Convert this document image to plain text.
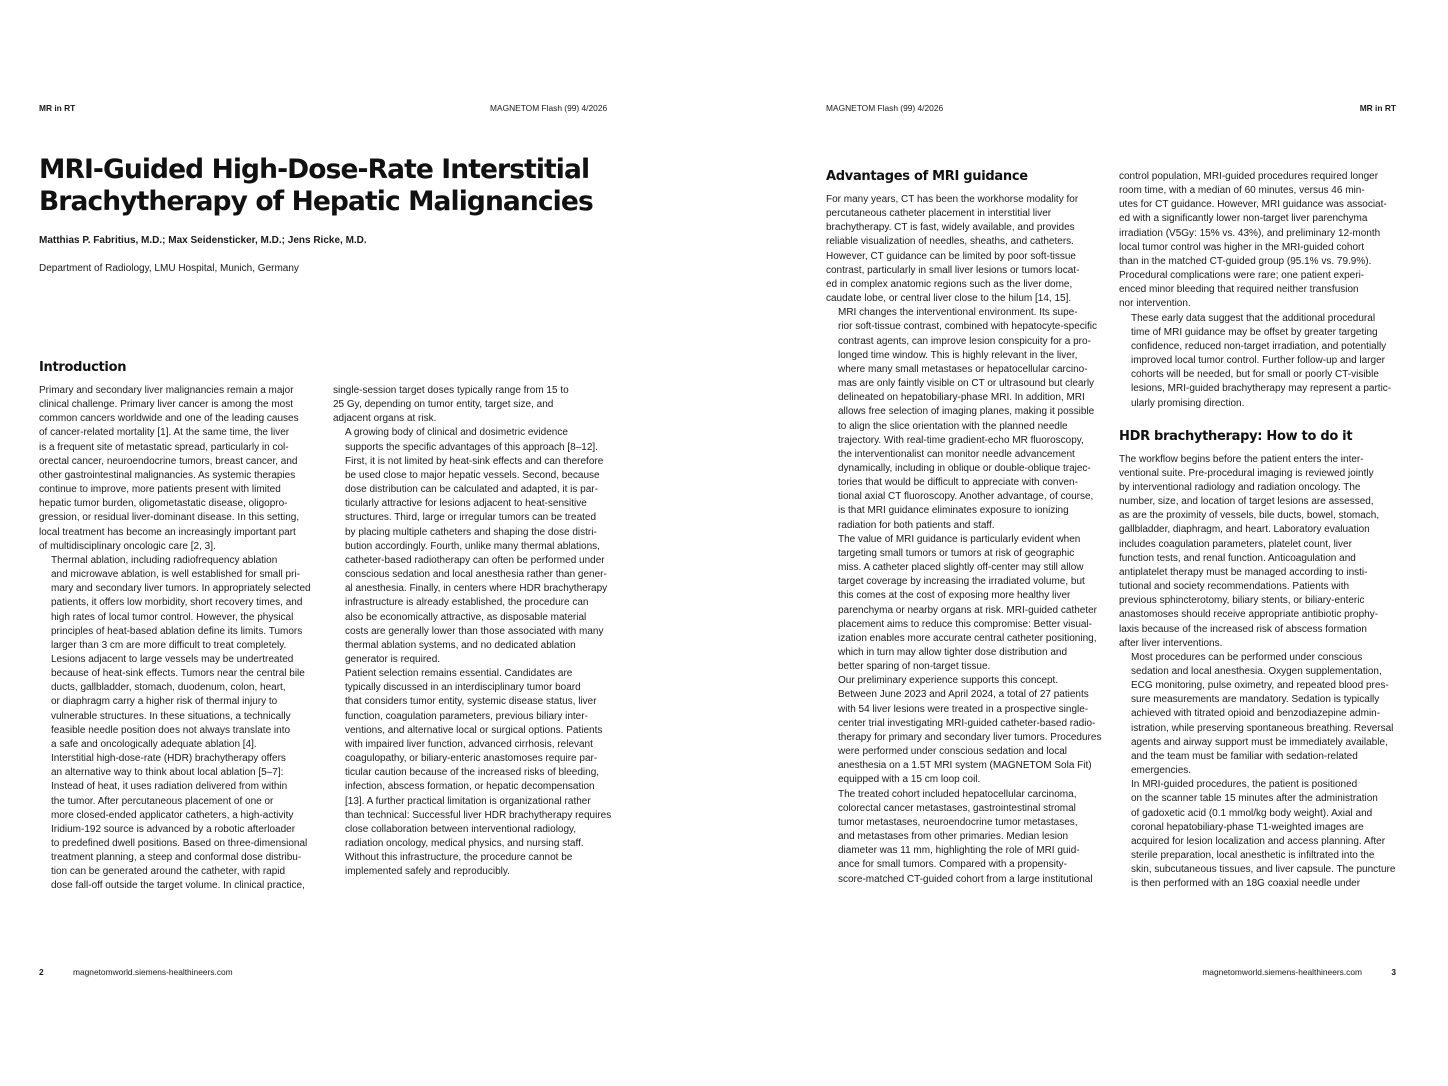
MR in RT	MAGNETOM Flash (99) 4/2026
MRI-Guided High-Dose-Rate Interstitial
Brachytherapy of Hepatic Malignancies
Matthias P. Fabritius, M.D.; Max Seidensticker, M.D.; Jens Ricke, M.D.
Department of Radiology, LMU Hospital, Munich, Germany
Introduction

Primary and secondary liver malignancies remain a major
clinical challenge. Primary liver cancer is among the most
common cancers worldwide and one of the leading causes
of cancer-related mortality [1]. At the same time, the liver
is a frequent site of metastatic spread, particularly in col-
orectal cancer, neuroendocrine tumors, breast cancer, and
other gastrointestinal malignancies. As systemic therapies
continue to improve, more patients present with limited
hepatic tumor burden, oligometastatic disease, oligopro-
gression, or residual liver-dominant disease. In this setting,
local treatment has become an increasingly important part
of multidisciplinary oncologic care [2, 3].

Thermal ablation, including radiofrequency ablation
and microwave ablation, is well established for small pri-
mary and secondary liver tumors. In appropriately selected
patients, it offers low morbidity, short recovery times, and
high rates of local tumor control. However, the physical
principles of heat-based ablation define its limits. Tumors
larger than 3 cm are more difficult to treat completely.
Lesions adjacent to large vessels may be undertreated
because of heat-sink effects. Tumors near the central bile
ducts, gallbladder, stomach, duodenum, colon, heart,
or diaphragm carry a higher risk of thermal injury to
vulnerable structures. In these situations, a technically
feasible needle position does not always translate into
a safe and oncologically adequate ablation [4].

Interstitial high-dose-rate (HDR) brachytherapy offers
an alternative way to think about local ablation [5–7]:
Instead of heat, it uses radiation delivered from within
the tumor. After percutaneous placement of one or
more closed-ended applicator catheters, a high-activity
Iridium-192 source is advanced by a robotic afterloader
to predefined dwell positions. Based on three-dimensional
treatment planning, a steep and conformal dose distribu-
tion can be generated around the catheter, with rapid
dose fall-off outside the target volume. In clinical practice,

single-session target doses typically range from 15 to
25 Gy, depending on tumor entity, target size, and
adjacent organs at risk.

A growing body of clinical and dosimetric evidence
supports the specific advantages of this approach [8–12].
First, it is not limited by heat-sink effects and can therefore
be used close to major hepatic vessels. Second, because
dose distribution can be calculated and adapted, it is par-
ticularly attractive for lesions adjacent to heat-sensitive
structures. Third, large or irregular tumors can be treated
by placing multiple catheters and shaping the dose distri-
bution accordingly. Fourth, unlike many thermal ablations,
catheter-based radiotherapy can often be performed under
conscious sedation and local anesthesia rather than gener-
al anesthesia. Finally, in centers where HDR brachytherapy
infrastructure is already established, the procedure can
also be economically attractive, as disposable material
costs are generally lower than those associated with many
thermal ablation systems, and no dedicated ablation
generator is required.

Patient selection remains essential. Candidates are
typically discussed in an interdisciplinary tumor board
that considers tumor entity, systemic disease status, liver
function, coagulation parameters, previous biliary inter-
ventions, and alternative local or surgical options. Patients
with impaired liver function, advanced cirrhosis, relevant
coagulopathy, or biliary-enteric anastomoses require par-
ticular caution because of the increased risks of bleeding,
infection, abscess formation, or hepatic decompensation
[13]. A further practical limitation is organizational rather
than technical: Successful liver HDR brachytherapy requires
close collaboration between interventional radiology,
radiation oncology, medical physics, and nursing staff.
Without this infrastructure, the procedure cannot be
implemented safely and reproducibly.

2	magnetomworld.siemens-healthineers.com
MAGNETOM Flash (99) 4/2026	MR in RT
Advantages of MRI guidance

For many years, CT has been the workhorse modality for
percutaneous catheter placement in interstitial liver
brachytherapy. CT is fast, widely available, and provides
reliable visualization of needles, sheaths, and catheters.
However, CT guidance can be limited by poor soft-tissue
contrast, particularly in small liver lesions or tumors locat-
ed in complex anatomic regions such as the liver dome,
caudate lobe, or central liver close to the hilum [14, 15].

MRI changes the interventional environment. Its supe-
rior soft-tissue contrast, combined with hepatocyte-specific
contrast agents, can improve lesion conspicuity for a pro-
longed time window. This is highly relevant in the liver,
where many small metastases or hepatocellular carcino-
mas are only faintly visible on CT or ultrasound but clearly
delineated on hepatobiliary-phase MRI. In addition, MRI
allows free selection of imaging planes, making it possible
to align the slice orientation with the planned needle
trajectory. With real-time gradient-echo MR fluoroscopy,
the interventionalist can monitor needle advancement
dynamically, including in oblique or double-oblique trajec-
tories that would be difficult to appreciate with conven-
tional axial CT fluoroscopy. Another advantage, of course,
is that MRI guidance eliminates exposure to ionizing
radiation for both patients and staff.

The value of MRI guidance is particularly evident when
targeting small tumors or tumors at risk of geographic
miss. A catheter placed slightly off-center may still allow
target coverage by increasing the irradiated volume, but
this comes at the cost of exposing more healthy liver
parenchyma or nearby organs at risk. MRI-guided catheter
placement aims to reduce this compromise: Better visual-
ization enables more accurate central catheter positioning,
which in turn may allow tighter dose distribution and
better sparing of non-target tissue.

Our preliminary experience supports this concept.
Between June 2023 and April 2024, a total of 27 patients
with 54 liver lesions were treated in a prospective single-
center trial investigating MRI-guided catheter-based radio-
therapy for primary and secondary liver tumors. Procedures
were performed under conscious sedation and local
anesthesia on a 1.5T MRI system (MAGNETOM Sola Fit)
equipped with a 15 cm loop coil.

The treated cohort included hepatocellular carcinoma,
colorectal cancer metastases, gastrointestinal stromal
tumor metastases, neuroendocrine tumor metastases,
and metastases from other primaries. Median lesion
diameter was 11 mm, highlighting the role of MRI guid-
ance for small tumors. Compared with a propensity-
score-matched CT-guided cohort from a large institutional

control population, MRI-guided procedures required longer
room time, with a median of 60 minutes, versus 46 min-
utes for CT guidance. However, MRI guidance was associat-
ed with a significantly lower non-target liver parenchyma
irradiation (V5Gy: 15% vs. 43%), and preliminary 12-month
local tumor control was higher in the MRI-guided cohort
than in the matched CT-guided group (95.1% vs. 79.9%).
Procedural complications were rare; one patient experi-
enced minor bleeding that required neither transfusion
nor intervention.

These early data suggest that the additional procedural
time of MRI guidance may be offset by greater targeting
confidence, reduced non-target irradiation, and potentially
improved local tumor control. Further follow-up and larger
cohorts will be needed, but for small or poorly CT-visible
lesions, MRI-guided brachytherapy may represent a partic-
ularly promising direction.

HDR brachytherapy: How to do it

The workflow begins before the patient enters the inter-
ventional suite. Pre-procedural imaging is reviewed jointly
by interventional radiology and radiation oncology. The
number, size, and location of target lesions are assessed,
as are the proximity of vessels, bile ducts, bowel, stomach,
gallbladder, diaphragm, and heart. Laboratory evaluation
includes coagulation parameters, platelet count, liver
function tests, and renal function. Anticoagulation and
antiplatelet therapy must be managed according to insti-
tutional and society recommendations. Patients with
previous sphincterotomy, biliary stents, or biliary-enteric
anastomoses should receive appropriate antibiotic prophy-
laxis because of the increased risk of abscess formation
after liver interventions.

Most procedures can be performed under conscious
sedation and local anesthesia. Oxygen supplementation,
ECG monitoring, pulse oximetry, and repeated blood pres-
sure measurements are mandatory. Sedation is typically
achieved with titrated opioid and benzodiazepine admin-
istration, while preserving spontaneous breathing. Reversal
agents and airway support must be immediately available,
and the team must be familiar with sedation-related
emergencies.

In MRI-guided procedures, the patient is positioned
on the scanner table 15 minutes after the administration
of gadoxetic acid (0.1 mmol/kg body weight). Axial and
coronal hepatobiliary-phase T1-weighted images are
acquired for lesion localization and access planning. After
sterile preparation, local anesthetic is infiltrated into the
skin, subcutaneous tissues, and liver capsule. The puncture
is then performed with an 18G coaxial needle under

magnetomworld.siemens-healthineers.com	3
